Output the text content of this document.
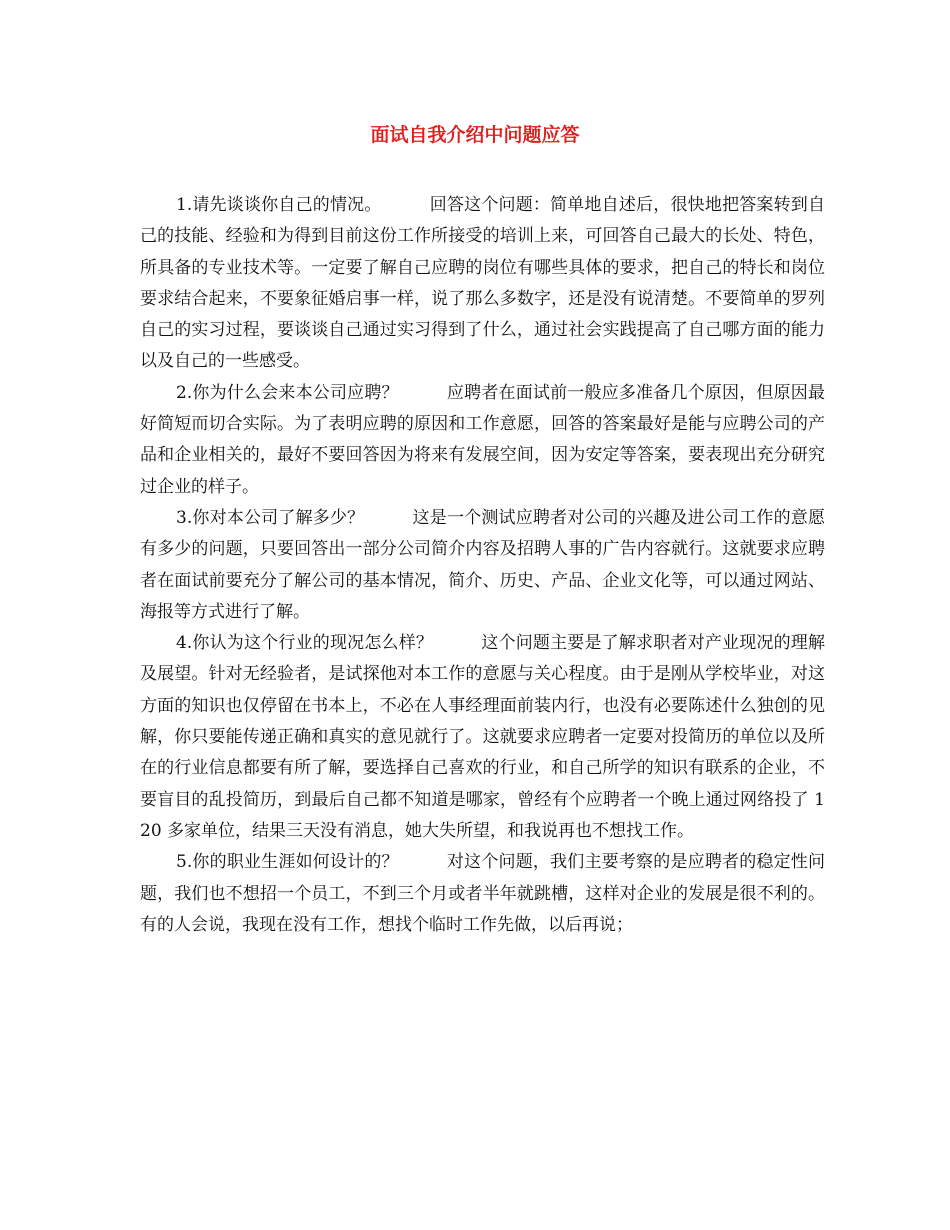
面试自我介绍中问题应答

1.请先谈谈你自己的情况。	回答这个问题：简单地自述后，很快地把答案转到自己的技能、经验和为得到目前这份工作所接受的培训上来，可回答自己最大的长处、特色，所具备的专业技术等。一定要了解自己应聘的岗位有哪些具体的要求，把自己的特长和岗位要求结合起来，不要象征婚启事一样，说了那么多数字，还是没有说清楚。不要简单的罗列自己的实习过程，要谈谈自己通过实习得到了什么，通过社会实践提高了自己哪方面的能力以及自己的一些感受。

2.你为什么会来本公司应聘？	应聘者在面试前一般应多准备几个原因，但原因最好简短而切合实际。为了表明应聘的原因和工作意愿，回答的答案最好是能与应聘公司的产品和企业相关的，最好不要回答因为将来有发展空间，因为安定等答案，要表现出充分研究过企业的样子。

3.你对本公司了解多少？	这是一个测试应聘者对公司的兴趣及进公司工作的意愿有多少的问题，只要回答出一部分公司简介内容及招聘人事的广告内容就行。这就要求应聘者在面试前要充分了解公司的基本情况，简介、历史、产品、企业文化等，可以通过网站、海报等方式进行了解。

4.你认为这个行业的现况怎么样？	这个问题主要是了解求职者对产业现况的理解及展望。针对无经验者，是试探他对本工作的意愿与关心程度。由于是刚从学校毕业，对这方面的知识也仅停留在书本上，不必在人事经理面前装内行，也没有必要陈述什么独创的见解，你只要能传递正确和真实的意见就行了。这就要求应聘者一定要对投简历的单位以及所在的行业信息都要有所了解，要选择自己喜欢的行业，和自己所学的知识有联系的企业，不要盲目的乱投简历，到最后自己都不知道是哪家，曾经有个应聘者一个晚上通过网络投了 120 多家单位，结果三天没有消息，她大失所望，和我说再也不想找工作。

5.你的职业生涯如何设计的？	对这个问题，我们主要考察的是应聘者的稳定性问题，我们也不想招一个员工，不到三个月或者半年就跳槽，这样对企业的发展是很不利的。有的人会说，我现在没有工作，想找个临时工作先做，以后再说；
